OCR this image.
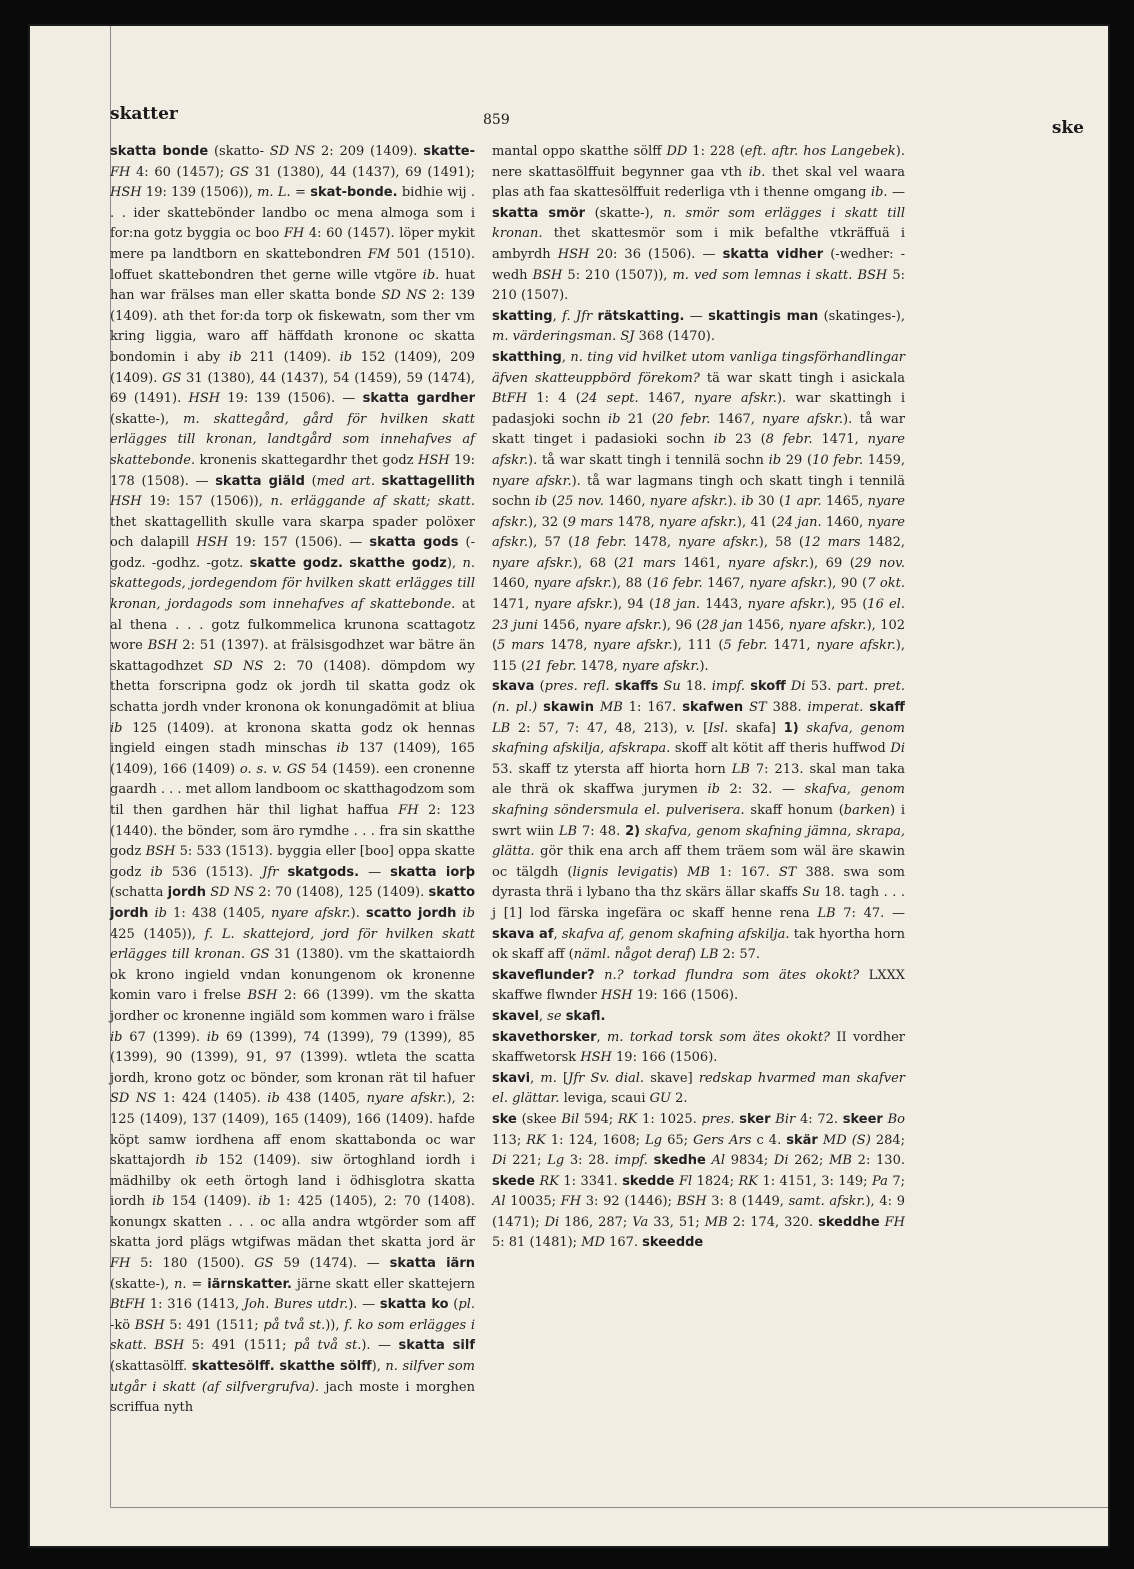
skatter	859	ske

skatta bonde (skatto- SD NS 2: 209 (1409). skatte- FH 4: 60 (1457); GS 31 (1380), 44 (1437), 69 (1491); HSH 19: 139 (1506)), m. L. = skat-bonde. bidhie wij . . . ider skattebönder landbo oc mena almoga som i for:na gotz byggia oc boo FH 4: 60 (1457). löper mykit mere pa landtborn en skattebondren FM 501 (1510). loffuet skattebondren thet gerne wille vtgöre ib. huat han war frälses man eller skatta bonde SD NS 2: 139 (1409). ath thet for:da torp ok fiskewatn, som ther vm kring liggia, waro aff häffdath kronone oc skatta bondomin i aby ib 211 (1409). ib 152 (1409), 209 (1409). GS 31 (1380), 44 (1437), 54 (1459), 59 (1474), 69 (1491). HSH 19: 139 (1506). — skatta gardher (skatte-), m. skattegård, gård för hvilken skatt erlägges till kronan, landtgård som innehafves af skattebonde. kronenis skattegardhr thet godz HSH 19: 178 (1508). — skatta giäld (med art. skattagellith HSH 19: 157 (1506)), n. erläggande af skatt; skatt. thet skattagellith skulle vara skarpa spader polöxer och dalapill HSH 19: 157 (1506). — skatta gods (-godz. -godhz. -gotz. skatte godz. skatthe godz), n. skattegods, jordegendom för hvilken skatt erlägges till kronan, jordagods som innehafves af skattebonde. at al thena . . . gotz fulkommelica krunona scattagotz wore BSH 2: 51 (1397). at frälsisgodhzet war bätre än skattagodhzet SD NS 2: 70 (1408). dömpdom wy thetta forscripna godz ok jordh til skatta godz ok schatta jordh vnder kronona ok konungadömit at bliua ib 125 (1409). at kronona skatta godz ok hennas ingield eingen stadh minschas ib 137 (1409), 165 (1409), 166 (1409) o. s. v. GS 54 (1459). een cronenne gaardh . . . met allom landboom oc skatthagodzom som til then gardhen här thil lighat haffua FH 2: 123 (1440). the bönder, som äro rymdhe . . . fra sin skatthe godz BSH 5: 533 (1513). byggia eller [boo] oppa skatte godz ib 536 (1513). Jfr skatgods. — skatta iorþ (schatta jordh SD NS 2: 70 (1408), 125 (1409). skatto jordh ib 1: 438 (1405, nyare afskr.). scatto jordh ib 425 (1405)), f. L. skattejord, jord för hvilken skatt erlägges till kronan. GS 31 (1380). vm the skattaiordh ok krono ingield vndan konungenom ok kronenne komin varo i frelse BSH 2: 66 (1399). vm the skatta jordher oc kronenne ingiäld som kommen waro i frälse ib 67 (1399). ib 69 (1399), 74 (1399), 79 (1399), 85 (1399), 90 (1399), 91, 97 (1399). wtleta the scatta jordh, krono gotz oc bönder, som kronan rät til hafuer SD NS 1: 424 (1405). ib 438 (1405, nyare afskr.), 2: 125 (1409), 137 (1409), 165 (1409), 166 (1409). hafde köpt samw iordhena aff enom skattabonda oc war skattajordh ib 152 (1409). siw örtoghland iordh i mädhilby ok eeth örtogh land i ödhisglotra skatta iordh ib 154 (1409). ib 1: 425 (1405), 2: 70 (1408). konungx skatten . . . oc alla andra wtgörder som aff skatta jord plägs wtgifwas mädan thet skatta jord är FH 5: 180 (1500). GS 59 (1474). — skatta iärn (skatte-), n. = iärnskatter. järne skatt eller skattejern BtFH 1: 316 (1413, Joh. Bures utdr.). — skatta ko (pl. -kö BSH 5: 491 (1511; på två st.)), f. ko som erlägges i skatt. BSH 5: 491 (1511; på två st.). — skatta silf (skattasölff. skattesölff. skatthe sölff), n. silfver som utgår i skatt (af silfvergrufva). jach moste i morghen scriffua nyth

mantal oppo skatthe sölff DD 1: 228 (eft. aftr. hos Langebek). nere skattasölffuit begynner gaa vth ib. thet skal vel waara plas ath faa skattesölffuit rederliga vth i thenne omgang ib. — skatta smör (skatte-), n. smör som erlägges i skatt till kronan. thet skattesmör som i mik befalthe vtkräffuä i ambyrdh HSH 20: 36 (1506). — skatta vidher (-wedher: -wedh BSH 5: 210 (1507)), m. ved som lemnas i skatt. BSH 5: 210 (1507).

skatting, f. Jfr rätskatting. — skattingis man (skatinges-), m. värderingsman. SJ 368 (1470).

skatthing, n. ting vid hvilket utom vanliga tingsförhandlingar äfven skatteuppbörd förekom? tä war skatt tingh i asickala BtFH 1: 4 (24 sept. 1467, nyare afskr.). war skattingh i padasjoki sochn ib 21 (20 febr. 1467, nyare afskr.). tå war skatt tinget i padasioki sochn ib 23 (8 febr. 1471, nyare afskr.). tå war skatt tingh i tennilä sochn ib 29 (10 febr. 1459, nyare afskr.). tå war lagmans tingh och skatt tingh i tennilä sochn ib (25 nov. 1460, nyare afskr.). ib 30 (1 apr. 1465, nyare afskr.), 32 (9 mars 1478, nyare afskr.), 41 (24 jan. 1460, nyare afskr.), 57 (18 febr. 1478, nyare afskr.), 58 (12 mars 1482, nyare afskr.), 68 (21 mars 1461, nyare afskr.), 69 (29 nov. 1460, nyare afskr.), 88 (16 febr. 1467, nyare afskr.), 90 (7 okt. 1471, nyare afskr.), 94 (18 jan. 1443, nyare afskr.), 95 (16 el. 23 juni 1456, nyare afskr.), 96 (28 jan 1456, nyare afskr.), 102 (5 mars 1478, nyare afskr.), 111 (5 febr. 1471, nyare afskr.), 115 (21 febr. 1478, nyare afskr.).

skava (pres. refl. skaffs Su 18. impf. skoff Di 53. part. pret. (n. pl.) skawin MB 1: 167. skafwen ST 388. imperat. skaff LB 2: 57, 7: 47, 48, 213), v. [Isl. skafa] 1) skafva, genom skafning afskilja, afskrapa. skoff alt kötit aff theris huffwod Di 53. skaff tz ytersta aff hiorta horn LB 7: 213. skal man taka ale thrä ok skaffwa jurymen ib 2: 32. — skafva, genom skafning söndersmula el. pulverisera. skaff honum (barken) i swrt wiin LB 7: 48. 2) skafva, genom skafning jämna, skrapa, glätta. gör thik ena arch aff them träem som wäl äre skawin oc tälgdh (lignis levigatis) MB 1: 167. ST 388. swa som dyrasta thrä i lybano tha thz skärs ällar skaffs Su 18. tagh . . . j [1] lod färska ingefära oc skaff henne rena LB 7: 47. — skava af, skafva af, genom skafning afskilja. tak hyortha horn ok skaff aff (näml. något deraf) LB 2: 57.

skaveflunder? n.? torkad flundra som ätes okokt? LXXX skaffwe flwnder HSH 19: 166 (1506).

skavel, se skafl.

skavethorsker, m. torkad torsk som ätes okokt? II vordher skaffwetorsk HSH 19: 166 (1506).

skavi, m. [Jfr Sv. dial. skave] redskap hvarmed man skafver el. glättar. leviga, scaui GU 2.

ske (skee Bil 594; RK 1: 1025. pres. sker Bir 4: 72. skeer Bo 113; RK 1: 124, 1608; Lg 65; Gers Ars c 4. skär MD (S) 284; Di 221; Lg 3: 28. impf. skedhe Al 9834; Di 262; MB 2: 130. skede RK 1: 3341. skedde Fl 1824; RK 1: 4151, 3: 149; Pa 7; Al 10035; FH 3: 92 (1446); BSH 3: 8 (1449, samt. afskr.), 4: 9 (1471); Di 186, 287; Va 33, 51; MB 2: 174, 320. skeddhe FH 5: 81 (1481); MD 167. skeedde
